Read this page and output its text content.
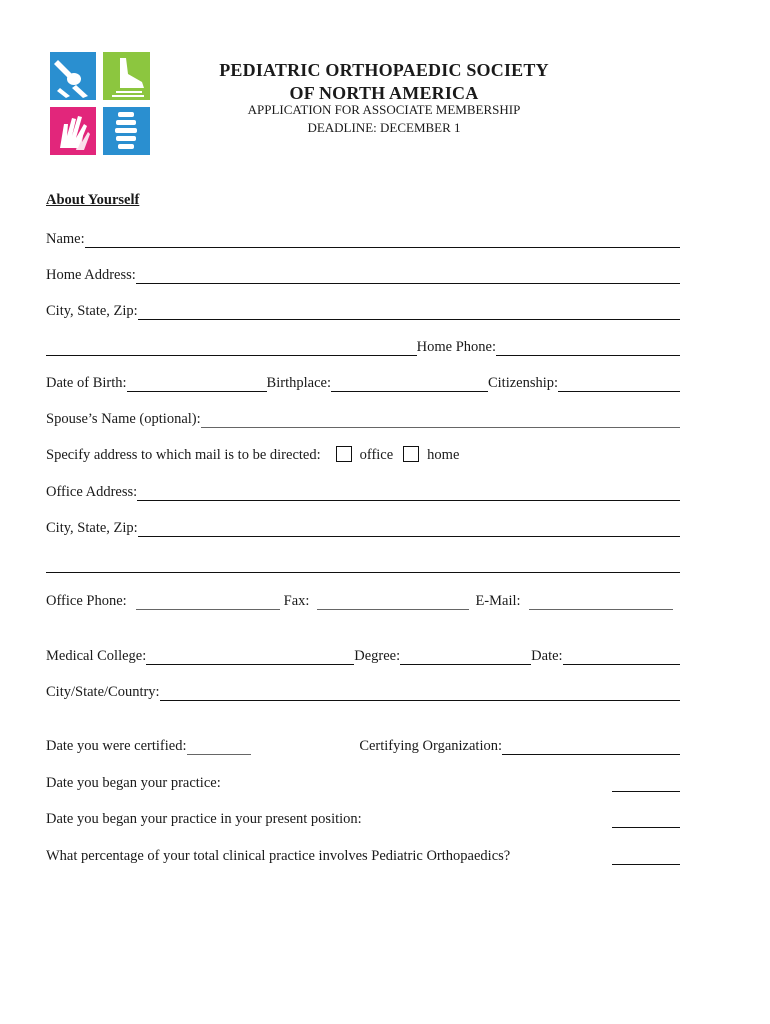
PEDIATRIC ORTHOPAEDIC SOCIETY
OF NORTH AMERICA
APPLICATION FOR ASSOCIATE MEMBERSHIP
DEADLINE: DECEMBER 1
About Yourself
Name:
Home Address:
City, State, Zip:
Home Phone:
Date of Birth:	Birthplace:	Citizenship:
Spouse’s Name (optional):
Specify address to which mail is to be directed:	office home
Office Address:
City, State, Zip:
Office Phone:	Fax:	E-Mail:
Medical College:	Degree:	Date:
City/State/Country:
Date you were certified:	Certifying Organization:
Date you began your practice:
Date you began your practice in your present position:
What percentage of your total clinical practice involves Pediatric Orthopaedics?
